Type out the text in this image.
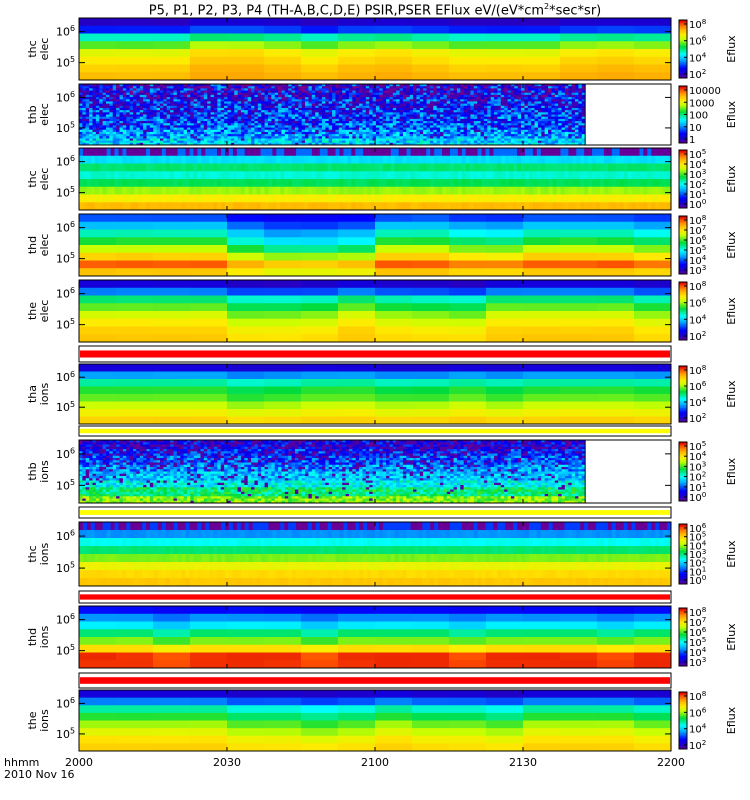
P5, P1, P2, P3, P4 (TH-A,B,C,D,E) PSIR,PSER EFlux $eV/(eV*cm^2*\sec*sr)$
$10^6$
$10^5$
thc elec
$10^8$
$10^6$
$10^4$
$10^2$
Eflux
$10^6$
$10^5$
thb elec
10000
1000
100
10
1
Eflux
$10^6$
$10^5$
thc elec
$10^5$
$10^4$
$10^3$
$10^2$
$10^1$
$10^0$
Eflux
$10^6$
$10^5$
thd elec
$10^8$
$10^7$
$10^6$
$10^5$
$10^4$
$10^3$
Eflux
$10^6$
$10^5$
the elec
$10^8$
$10^6$
$10^4$
$10^2$
Eflux
$10^6$
$10^5$
tha ions
$10^8$
$10^6$
$10^4$
$10^2$
Eflux
$10^6$
$10^5$
thb ions
$10^5$
$10^4$
$10^3$
$10^2$
$10^1$
$10^0$
Eflux
$10^6$
$10^5$
thc ions
$10^6$
$10^5$
$10^4$
$10^3$
$10^2$
$10^1$
$10^0$
Eflux
$10^6$
$10^5$
thd ions
$10^8$
$10^7$
$10^6$
$10^5$
$10^4$
$10^3$
Eflux
$10^6$
$10^5$
the ions
$10^8$
$10^6$
$10^4$
$10^2$
Eflux
2000	2030	2100	2130	2200
hhmm
2010 Nov 16
